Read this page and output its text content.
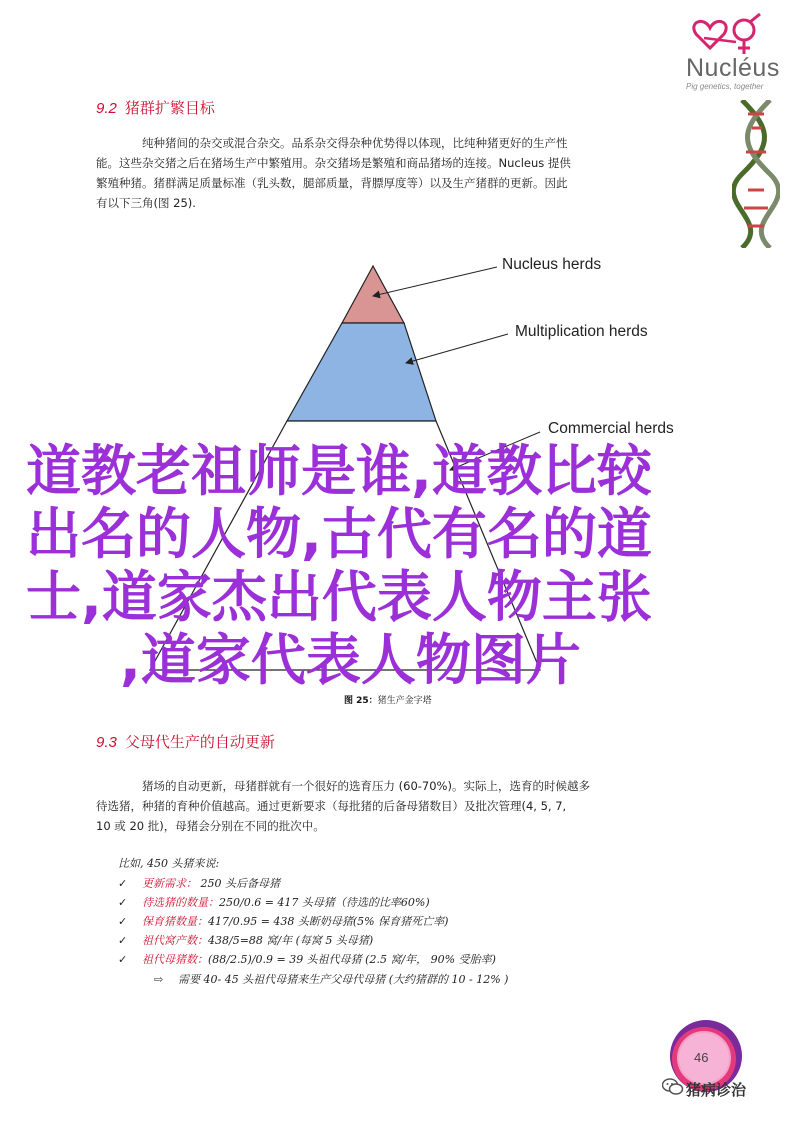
Nucléus
Pig genetics, together
9.2 猪群扩繁目标
纯种猪间的杂交或混合杂交。品系杂交得杂种优势得以体现，比纯种猪更好的生产性
能。这些杂交猪之后在猪场生产中繁殖用。杂交猪场是繁殖和商品猪场的连接。Nucleus 提供
繁殖种猪。猪群满足质量标准（乳头数，腿部质量，背膘厚度等）以及生产猪群的更新。因此
有以下三角(图 25).
Nucleus herds
Multiplication herds
Commercial herds
图 25：猪生产金字塔
道教老祖师是谁,道教比较
出名的人物,古代有名的道
士,道家杰出代表人物主张
,道家代表人物图片
9.3 父母代生产的自动更新
猪场的自动更新，母猪群就有一个很好的选育压力 (60-70%)。实际上，选育的时候越多
待选猪，种猪的育种价值越高。通过更新要求（每批猪的后备母猪数目）及批次管理(4, 5, 7,
10 或 20 批)，母猪会分别在不同的批次中。
比如, 450 头猪来说:
✓ 更新需求： 250 头后备母猪
✓ 待选猪的数量：250/0.6 = 417 头母猪（待选的比率60%)
✓ 保育猪数量：417/0.95 = 438 头断奶母猪(5% 保育猪死亡率)
✓ 祖代窝产数：438/5=88 窝/年 (每窝 5 头母猪)
✓ 祖代母猪数：(88/2.5)/0.9 = 39 头祖代母猪 (2.5 窝/年， 90% 受胎率)
⇨ 需要 40- 45 头祖代母猪来生产父母代母猪 (大约猪群的 10 - 12% )
46
猪病诊治
